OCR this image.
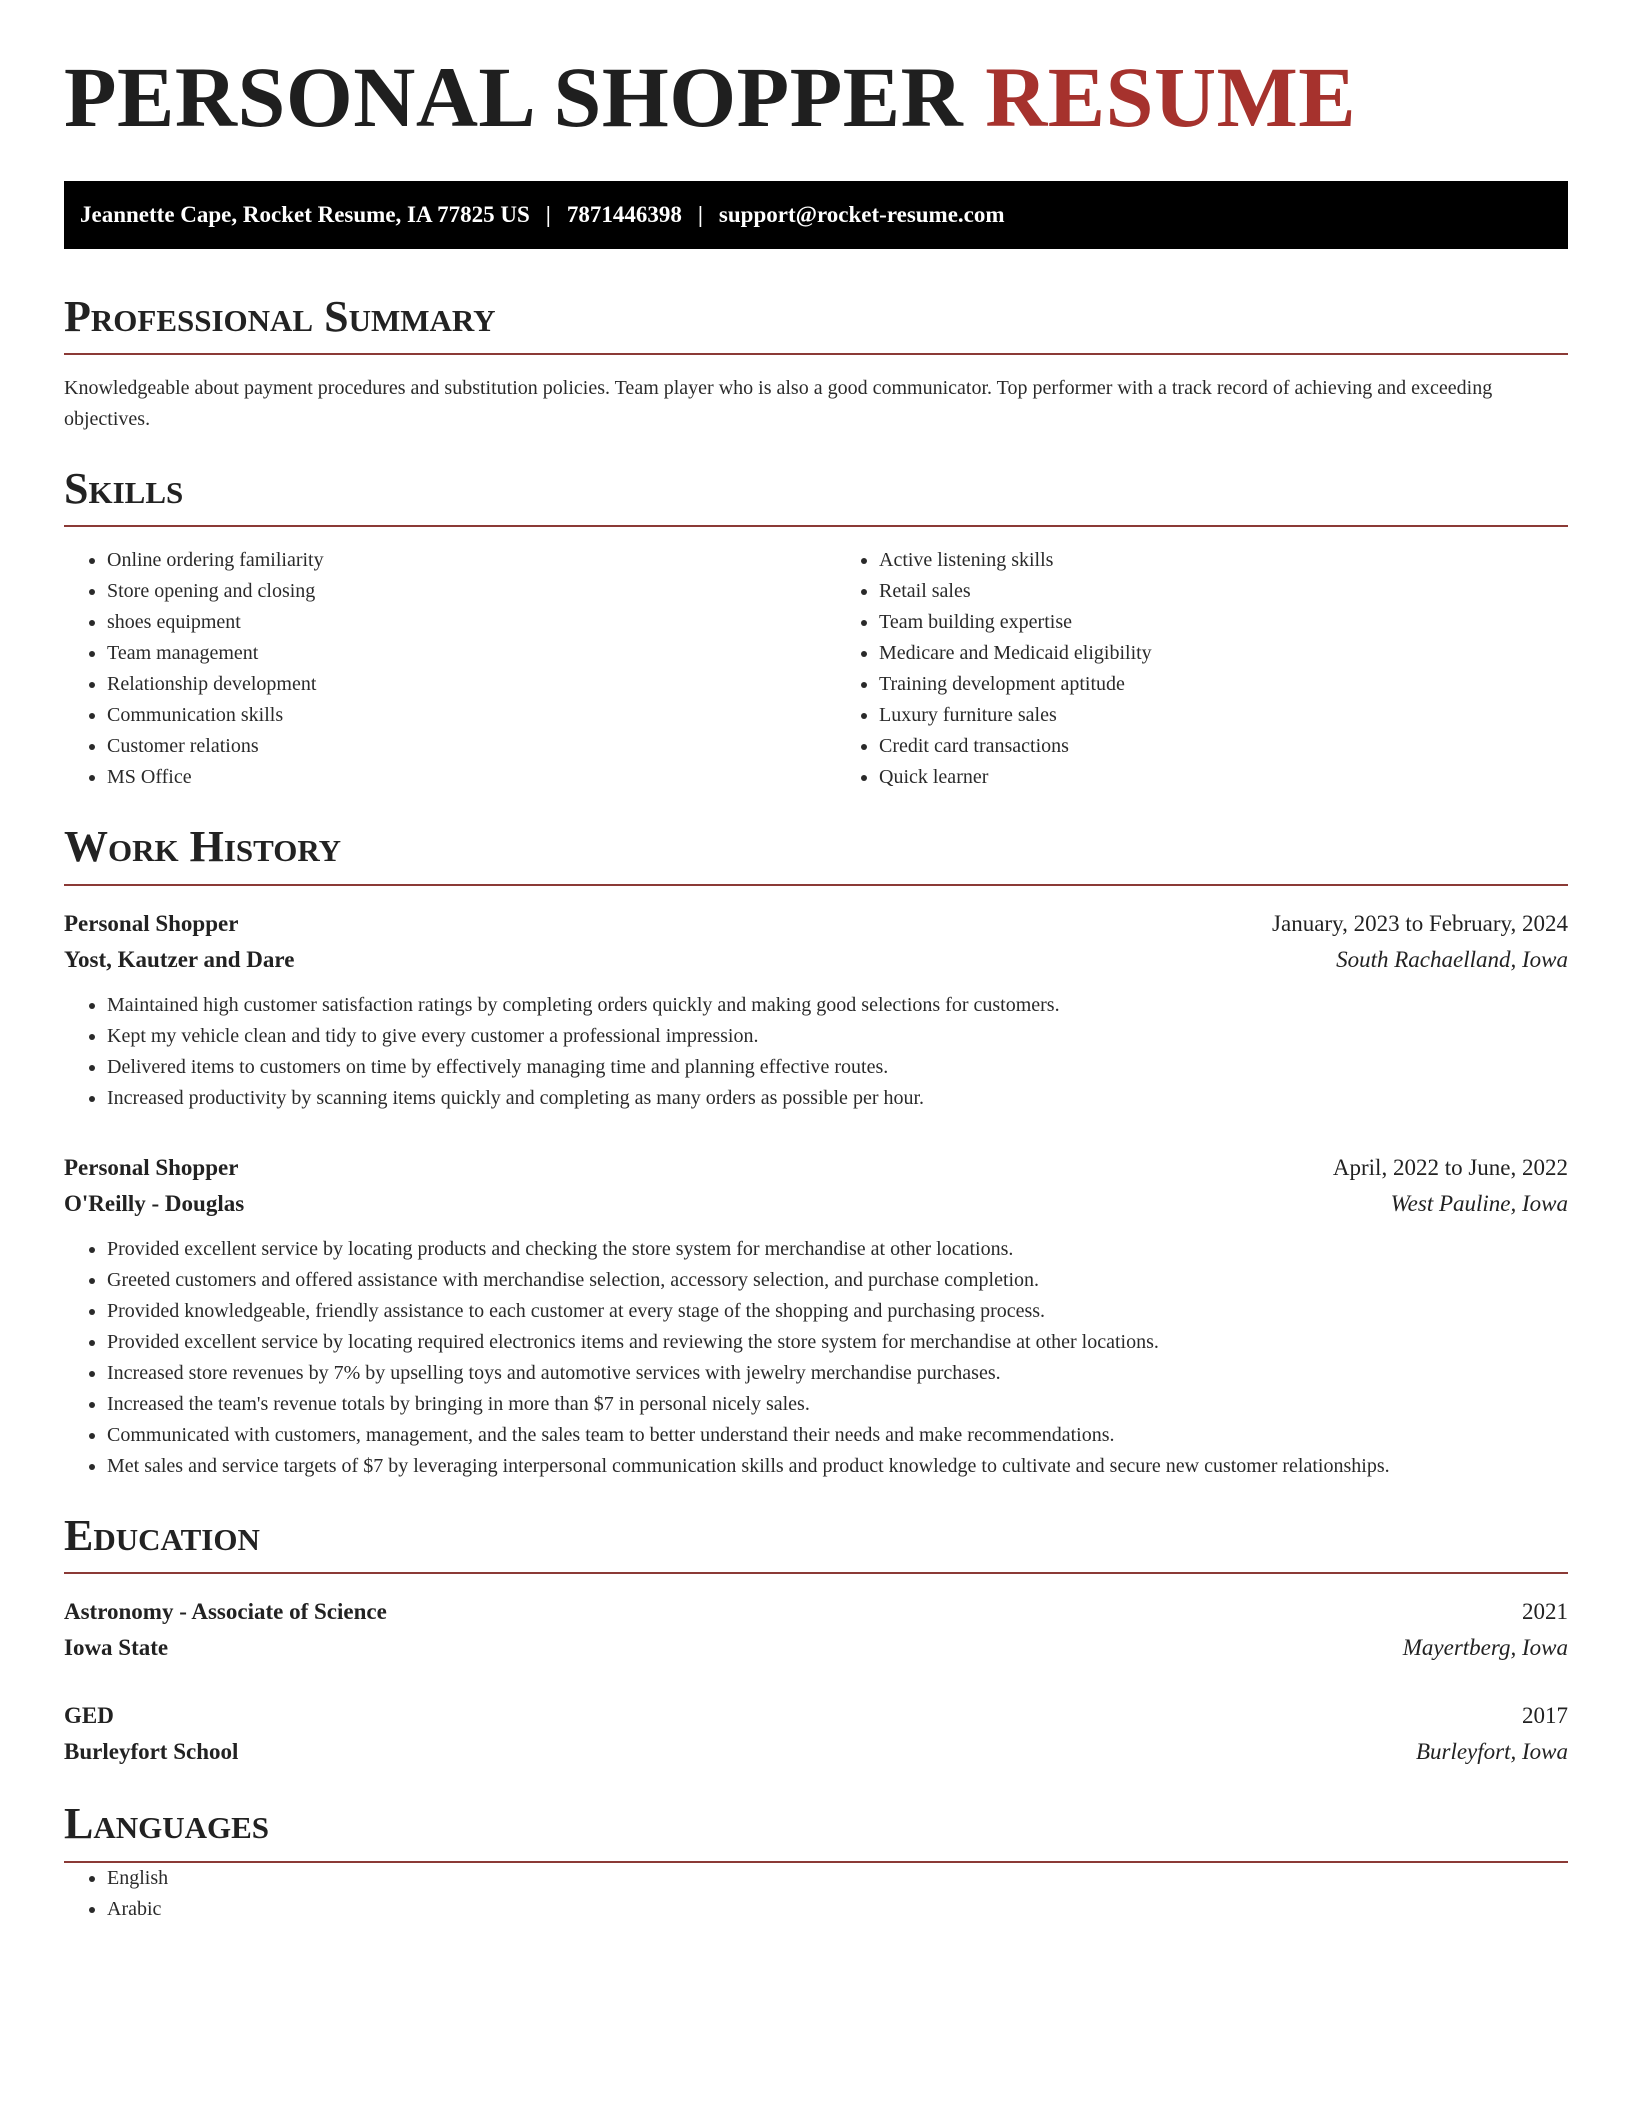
PERSONAL SHOPPER RESUME
Jeannette Cape, Rocket Resume, IA 77825 US | 7871446398 | support@rocket-resume.com
Professional Summary

Knowledgeable about payment procedures and substitution policies. Team player who is also a good communicator. Top performer with a track record of achieving and exceeding objectives.

Skills
• Online ordering familiarity
• Store opening and closing
• shoes equipment
• Team management
• Relationship development
• Communication skills
• Customer relations
• MS Office
• Active listening skills
• Retail sales
• Team building expertise
• Medicare and Medicaid eligibility
• Training development aptitude
• Luxury furniture sales
• Credit card transactions
• Quick learner
Work History
Personal Shopper	January, 2023 to February, 2024
Yost, Kautzer and Dare	South Rachaelland, Iowa
• Maintained high customer satisfaction ratings by completing orders quickly and making good selections for customers.
• Kept my vehicle clean and tidy to give every customer a professional impression.
• Delivered items to customers on time by effectively managing time and planning effective routes.
• Increased productivity by scanning items quickly and completing as many orders as possible per hour.
Personal Shopper	April, 2022 to June, 2022
O'Reilly - Douglas	West Pauline, Iowa
• Provided excellent service by locating products and checking the store system for merchandise at other locations.
• Greeted customers and offered assistance with merchandise selection, accessory selection, and purchase completion.
• Provided knowledgeable, friendly assistance to each customer at every stage of the shopping and purchasing process.
• Provided excellent service by locating required electronics items and reviewing the store system for merchandise at other locations.
• Increased store revenues by 7% by upselling toys and automotive services with jewelry merchandise purchases.
• Increased the team's revenue totals by bringing in more than $7 in personal nicely sales.
• Communicated with customers, management, and the sales team to better understand their needs and make recommendations.
• Met sales and service targets of $7 by leveraging interpersonal communication skills and product knowledge to cultivate and secure new customer relationships.
Education
Astronomy - Associate of Science	2021
Iowa State	Mayertberg, Iowa
GED	2017
Burleyfort School	Burleyfort, Iowa
Languages
• English
• Arabic
